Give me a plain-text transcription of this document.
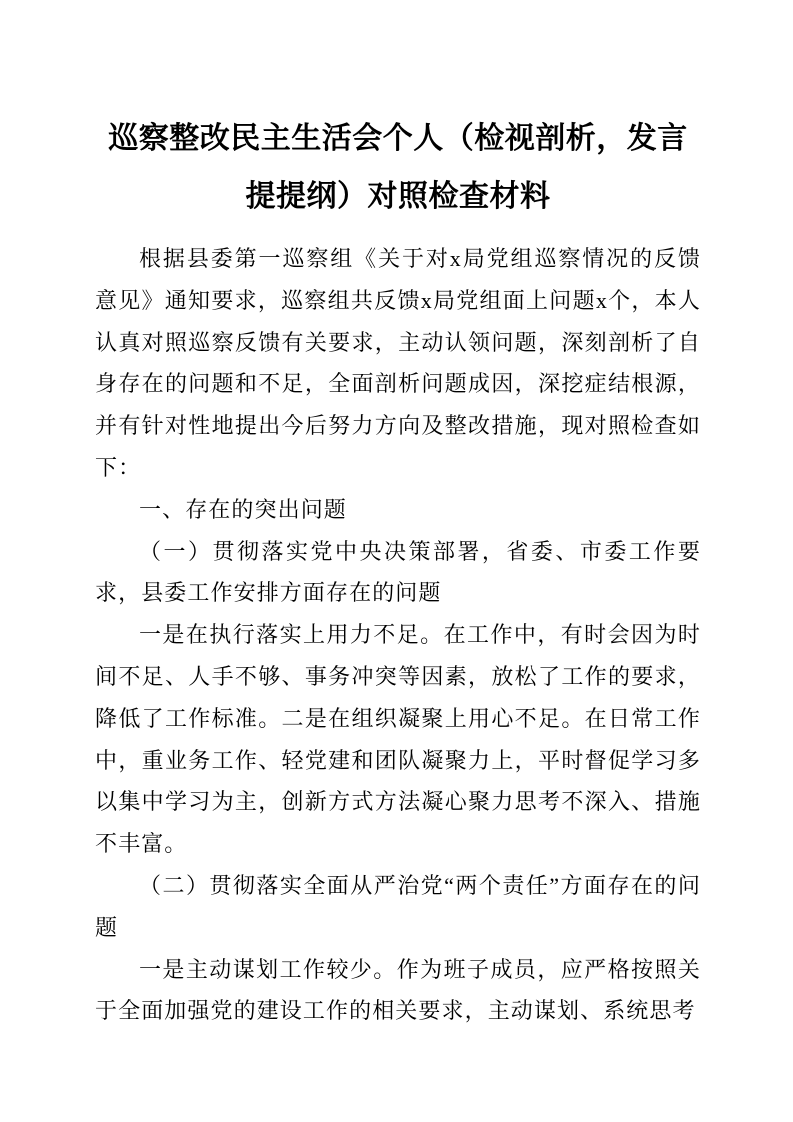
巡察整改民主生活会个人（检视剖析，发言
提提纲）对照检查材料

根据县委第一巡察组《关于对x局党组巡察情况的反馈意见》通知要求，巡察组共反馈x局党组面上问题x个，本人认真对照巡察反馈有关要求，主动认领问题，深刻剖析了自身存在的问题和不足，全面剖析问题成因，深挖症结根源，并有针对性地提出今后努力方向及整改措施，现对照检查如下：

一、存在的突出问题

（一）贯彻落实党中央决策部署，省委、市委工作要求，县委工作安排方面存在的问题

一是在执行落实上用力不足。在工作中，有时会因为时间不足、人手不够、事务冲突等因素，放松了工作的要求，降低了工作标准。二是在组织凝聚上用心不足。在日常工作中，重业务工作、轻党建和团队凝聚力上，平时督促学习多以集中学习为主，创新方式方法凝心聚力思考不深入、措施不丰富。

（二）贯彻落实全面从严治党“两个责任”方面存在的问题

一是主动谋划工作较少。作为班子成员，应严格按照关于全面加强党的建设工作的相关要求，主动谋划、系统思考
